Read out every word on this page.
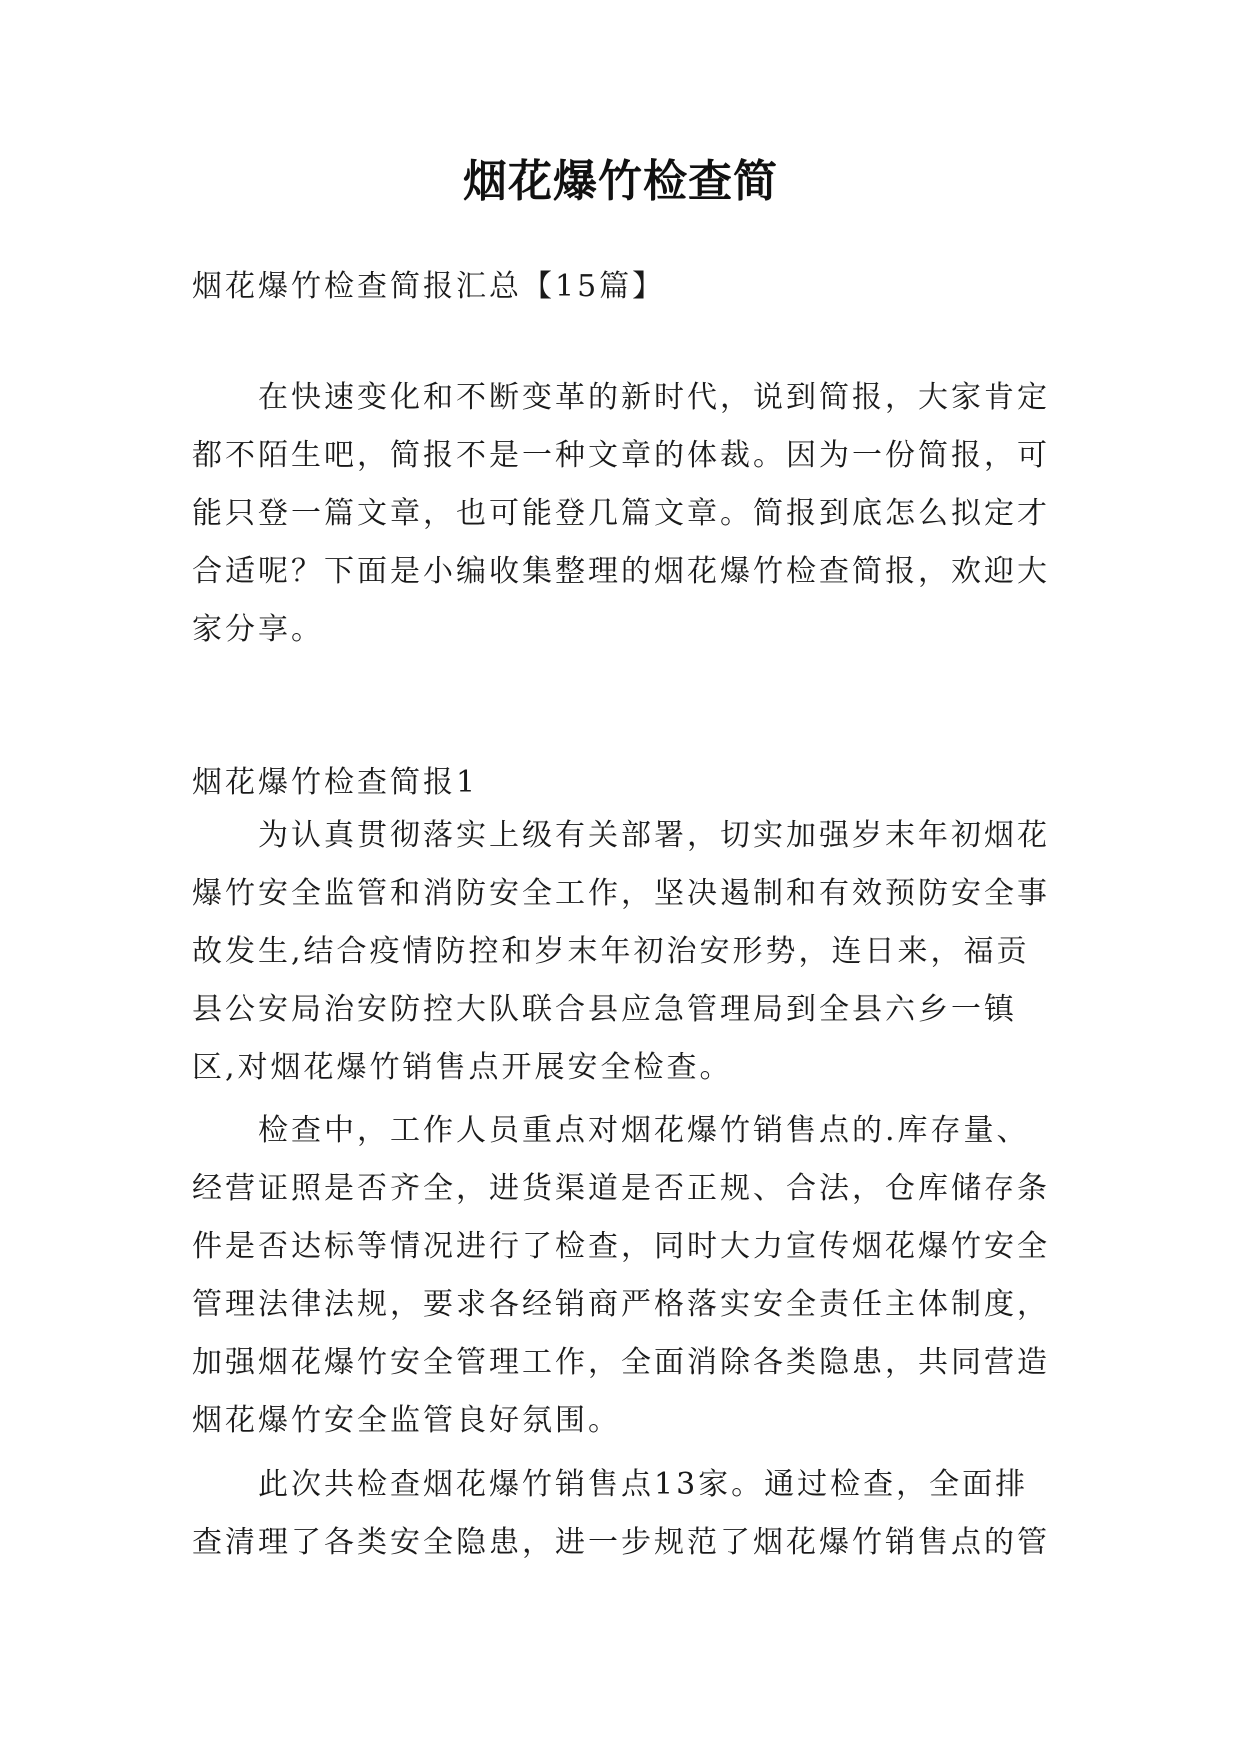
烟花爆竹检查简
烟花爆竹检查简报汇总【15篇】
在快速变化和不断变革的新时代，说到简报，大家肯定
都不陌生吧，简报不是一种文章的体裁。因为一份简报，可
能只登一篇文章，也可能登几篇文章。简报到底怎么拟定才
合适呢？下面是小编收集整理的烟花爆竹检查简报，欢迎大
家分享。
烟花爆竹检查简报1
为认真贯彻落实上级有关部署，切实加强岁末年初烟花
爆竹安全监管和消防安全工作，坚决遏制和有效预防安全事
故发生,结合疫情防控和岁末年初治安形势，连日来，福贡
县公安局治安防控大队联合县应急管理局到全县六乡一镇
区,对烟花爆竹销售点开展安全检查。
检查中，工作人员重点对烟花爆竹销售点的.库存量、
经营证照是否齐全，进货渠道是否正规、合法，仓库储存条
件是否达标等情况进行了检查，同时大力宣传烟花爆竹安全
管理法律法规，要求各经销商严格落实安全责任主体制度，
加强烟花爆竹安全管理工作，全面消除各类隐患，共同营造
烟花爆竹安全监管良好氛围。
此次共检查烟花爆竹销售点13家。通过检查，全面排
查清理了各类安全隐患，进一步规范了烟花爆竹销售点的管
